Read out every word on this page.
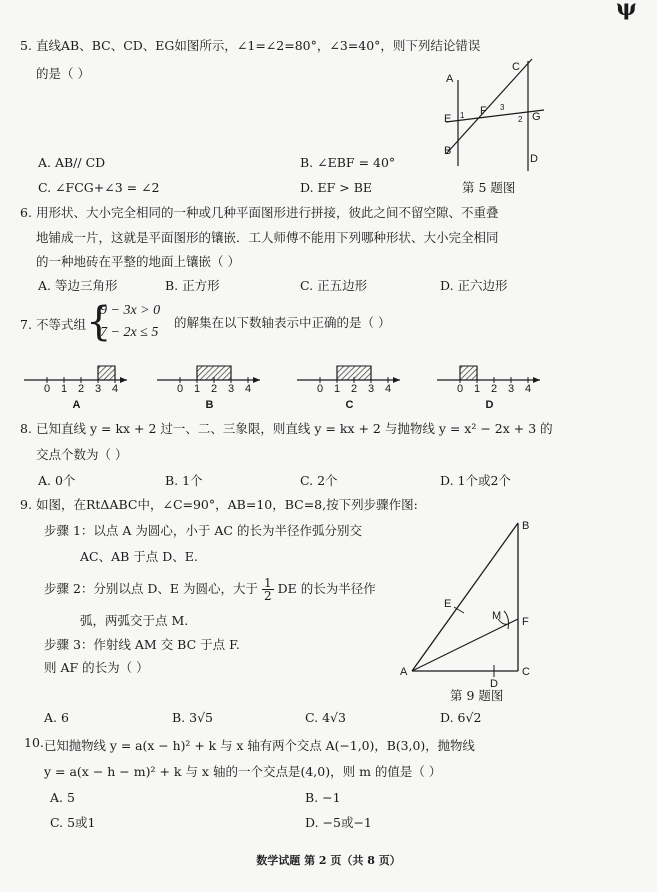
ψ
5. 直线AB、BC、CD、EG如图所示，∠1=∠2=80°，∠3=40°，则下列结论错误
的是（ ）	A
C
E 1 F 3
2 G
B
D
A. AB// CD	B. ∠EBF = 40°
C. ∠FCG+∠3 = ∠2	D. EF > BE	第 5 题图
6. 用形状、大小完全相同的一种或几种平面图形进行拼接，彼此之间不留空隙、不重叠
地铺成一片，这就是平面图形的镶嵌．工人师傅不能用下列哪种形状、大小完全相同
的一种地砖在平整的地面上镶嵌（ ）
A. 等边三角形	B. 正方形	C. 正五边形	D. 正六边形
7. 不等式组 {
9 − 3x > 0
7 − 2x ≤ 5
的解集在以下数轴表示中正确的是（ ）
0 1 2 3 4
A
0 1 2 3 4
B
0 1 2 3 4
C
0 1 2 3 4
D
8. 已知直线 y = kx + 2 过一、二、三象限，则直线 y = kx + 2 与抛物线 y = x² − 2x + 3 的
交点个数为（ ）
A. 0个	B. 1个	C. 2个	D. 1个或2个
9. 如图，在RtΔABC中，∠C=90°，AB=10，BC=8,按下列步骤作图:
步骤 1：以点 A 为圆心，小于 AC 的长为半径作弧分别交
AC、AB 于点 D、E.
步骤 2：分别以点 D、E 为圆心，大于 $\frac{1}{2}$ DE 的长为半径作
弧，两弧交于点 M.
步骤 3：作射线 AM 交 BC 于点 F.
则 AF 的长为（ ）
B
E
M F
A
D
C
第 9 题图
A. 6	B. 3√5	C. 4√3	D. 6√2
10. 已知抛物线 y = a(x − h)² + k 与 x 轴有两个交点 A(−1,0)，B(3,0)，抛物线
y = a(x − h − m)² + k 与 x 轴的一个交点是(4,0)，则 m 的值是（ ）
A. 5	B. −1
C. 5或1	D. −5或−1
数学试题 第 2 页（共 8 页）
